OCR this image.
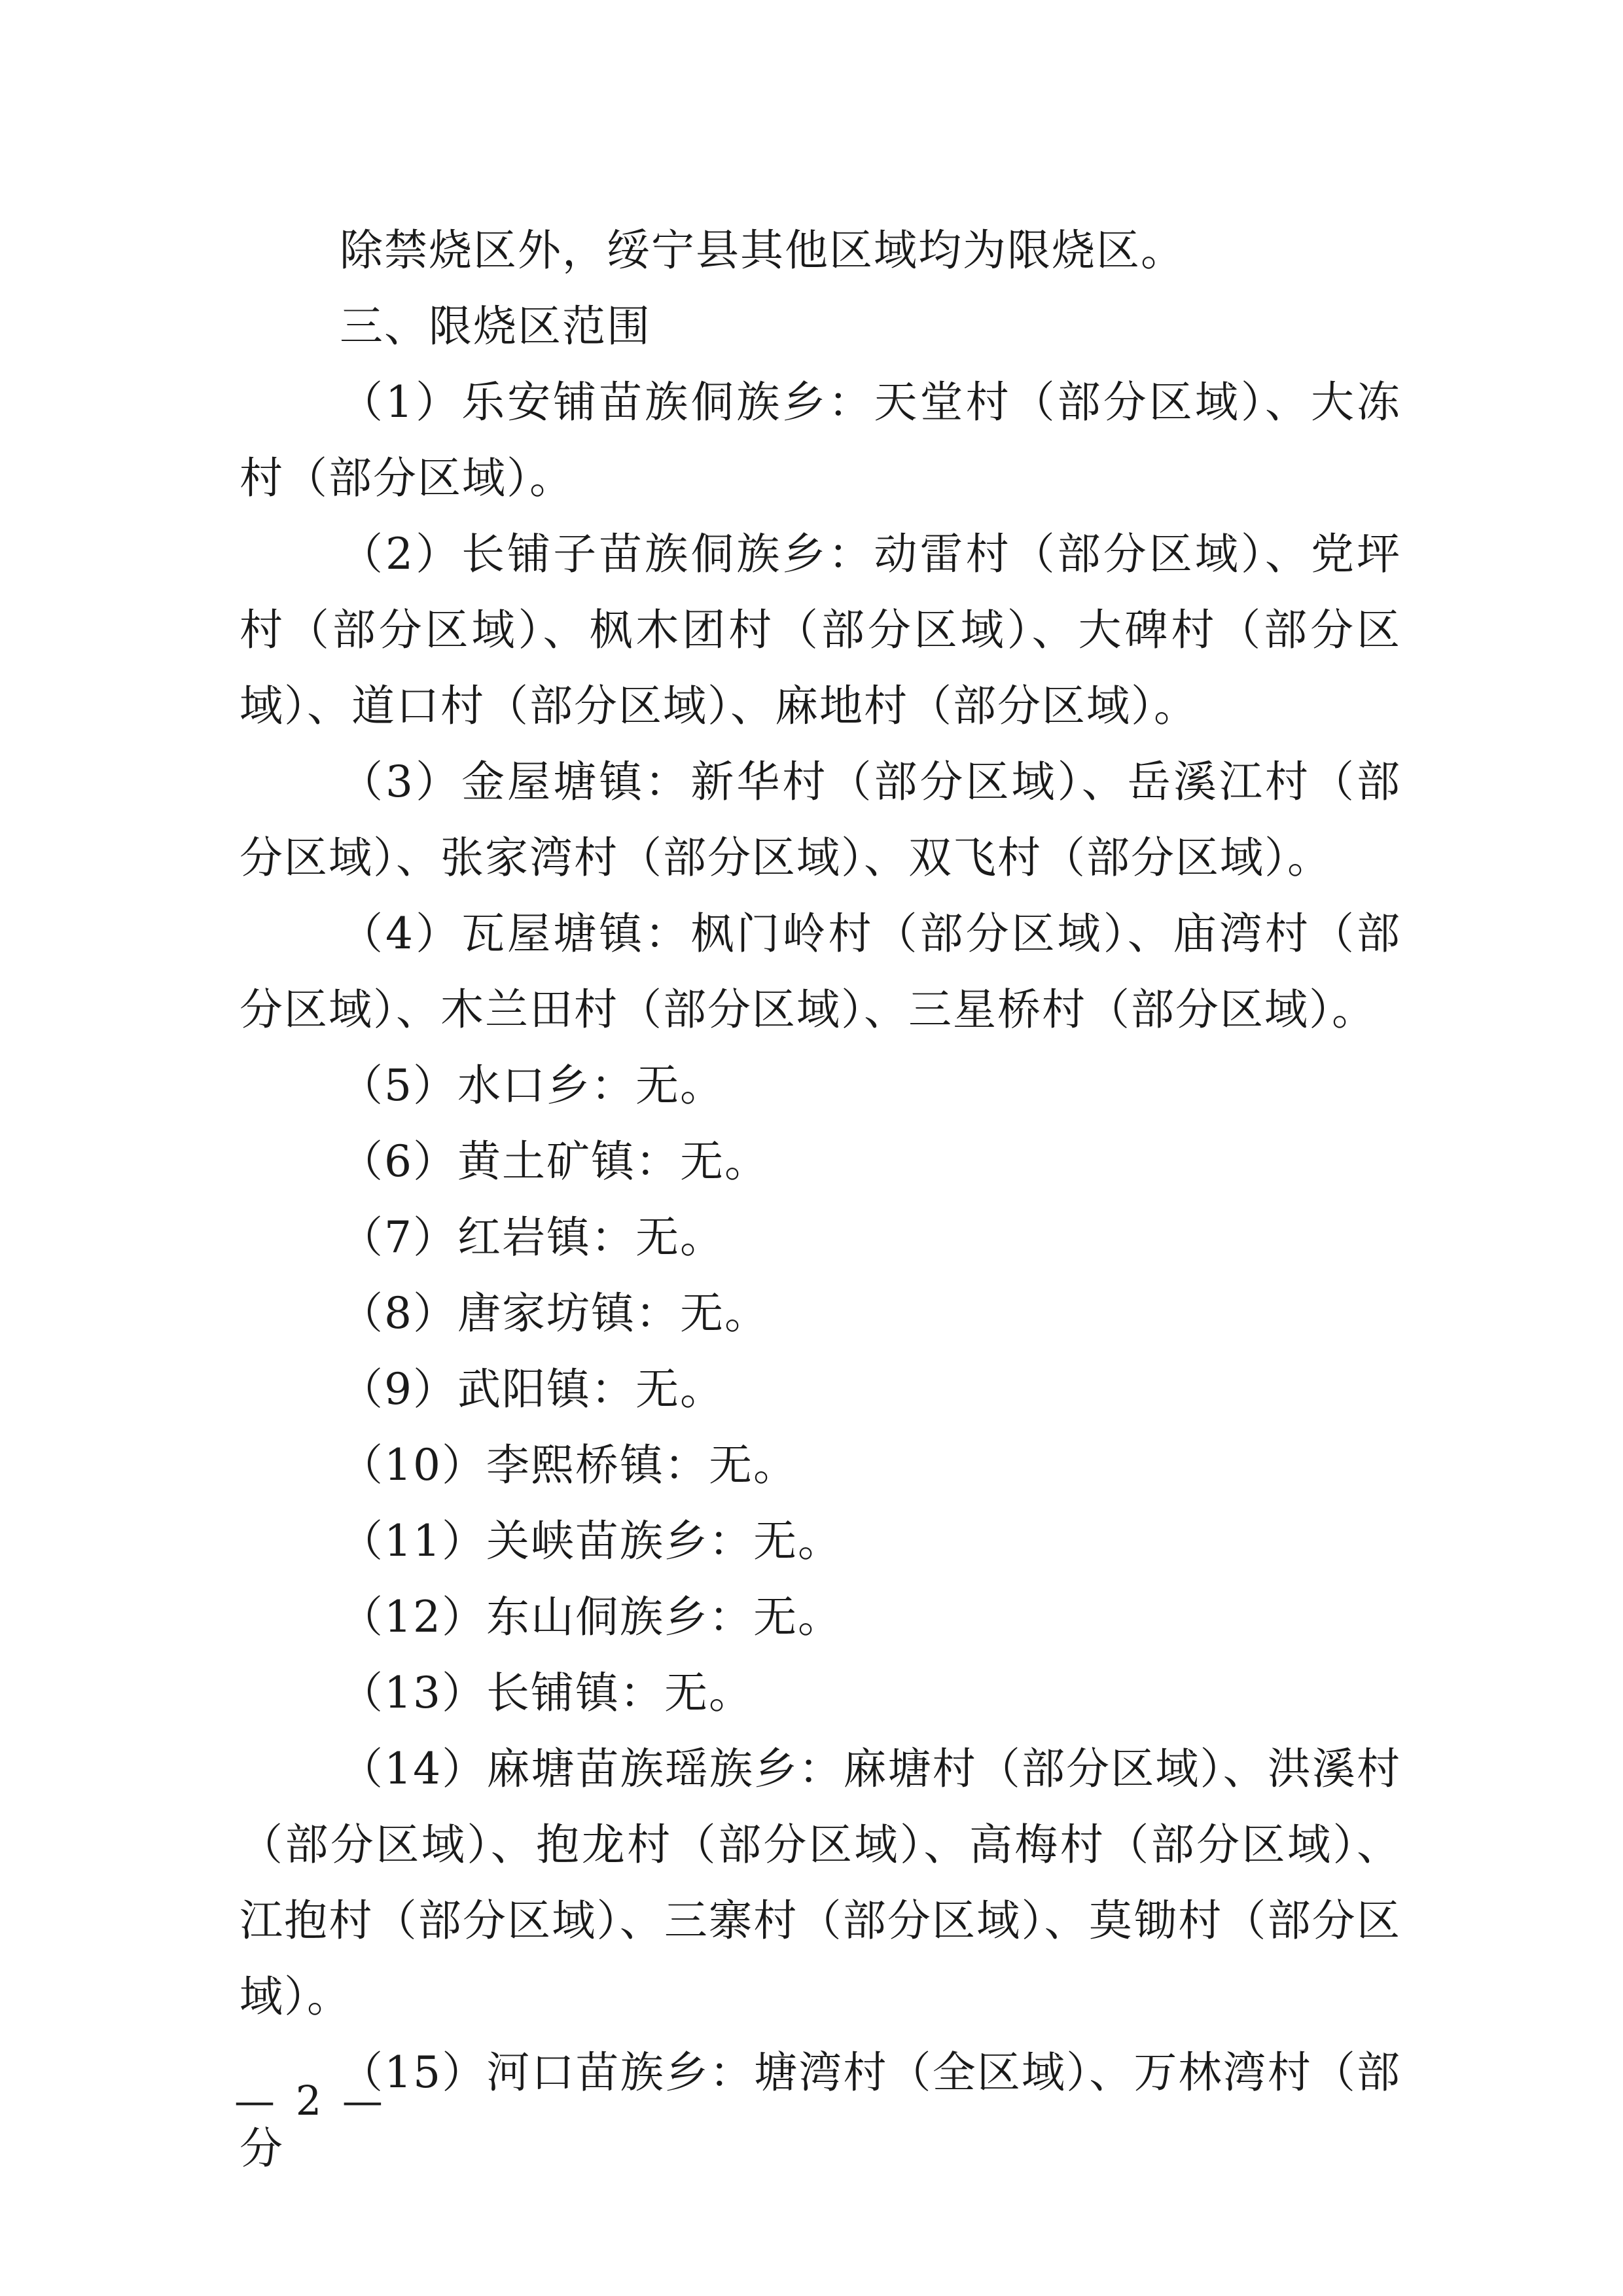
除禁烧区外，绥宁县其他区域均为限烧区。

三、限烧区范围

（1）乐安铺苗族侗族乡：天堂村（部分区域）、大冻村（部分区域）。

（2）长铺子苗族侗族乡：动雷村（部分区域）、党坪村（部分区域）、枫木团村（部分区域）、大碑村（部分区域）、道口村（部分区域）、麻地村（部分区域）。

（3）金屋塘镇：新华村（部分区域）、岳溪江村（部分区域）、张家湾村（部分区域）、双飞村（部分区域）。

（4）瓦屋塘镇：枫门岭村（部分区域）、庙湾村（部分区域）、木兰田村（部分区域）、三星桥村（部分区域）。

（5）水口乡：无。

（6）黄土矿镇：无。

（7）红岩镇：无。

（8）唐家坊镇：无。

（9）武阳镇：无。

（10）李熙桥镇：无。

（11）关峡苗族乡：无。

（12）东山侗族乡：无。

（13）长铺镇：无。

（14）麻塘苗族瑶族乡：麻塘村（部分区域）、洪溪村（部分区域）、抱龙村（部分区域）、高梅村（部分区域）、江抱村（部分区域）、三寨村（部分区域）、莫锄村（部分区域）。

（15）河口苗族乡：塘湾村（全区域）、万林湾村（部分

— 2 —
